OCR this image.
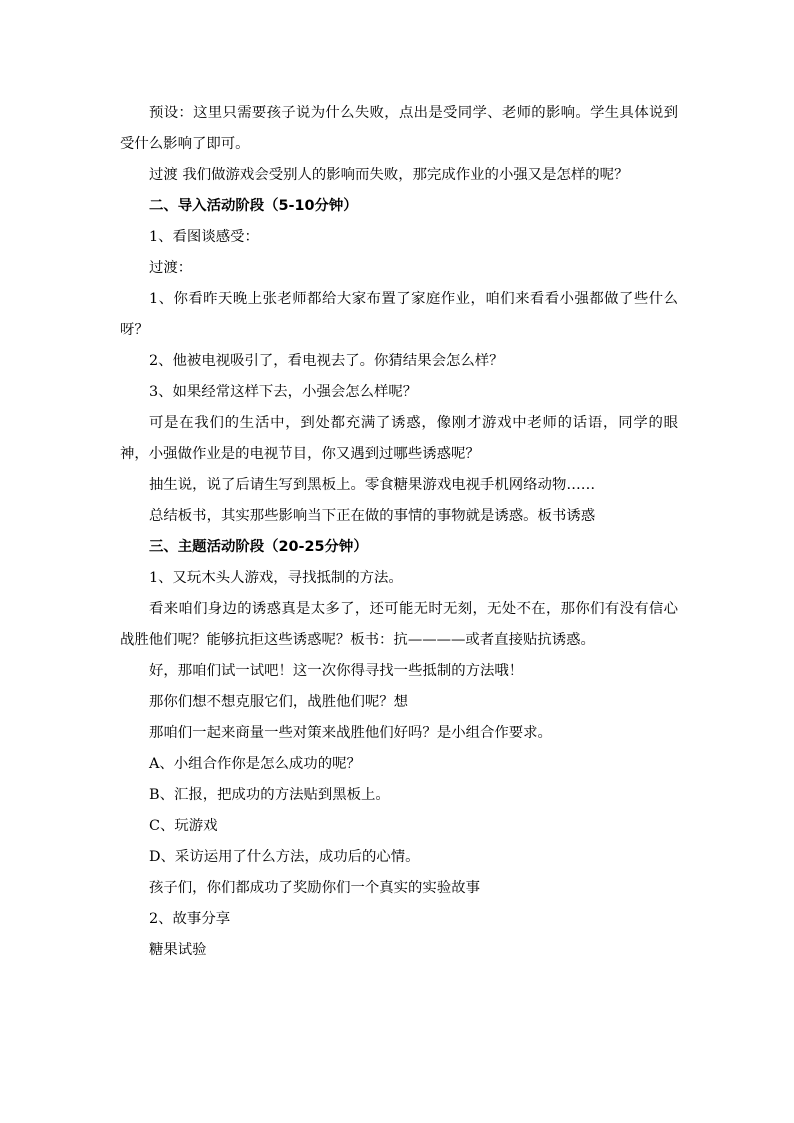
预设：这里只需要孩子说为什么失败，点出是受同学、老师的影响。学生具体说到受什么影响了即可。

过渡 我们做游戏会受别人的影响而失败，那完成作业的小强又是怎样的呢？

二、导入活动阶段（5-10分钟）

1、看图谈感受：

过渡：

1、你看昨天晚上张老师都给大家布置了家庭作业，咱们来看看小强都做了些什么呀？

2、他被电视吸引了，看电视去了。你猜结果会怎么样？

3、如果经常这样下去，小强会怎么样呢？

可是在我们的生活中，到处都充满了诱惑，像刚才游戏中老师的话语，同学的眼神，小强做作业是的电视节目，你又遇到过哪些诱惑呢？

抽生说，说了后请生写到黑板上。零食糖果游戏电视手机网络动物……

总结板书，其实那些影响当下正在做的事情的事物就是诱惑。板书诱惑

三、主题活动阶段（20-25分钟）

1、又玩木头人游戏，寻找抵制的方法。

看来咱们身边的诱惑真是太多了，还可能无时无刻，无处不在，那你们有没有信心战胜他们呢？能够抗拒这些诱惑呢？板书：抗————或者直接贴抗诱惑。

好，那咱们试一试吧！这一次你得寻找一些抵制的方法哦！

那你们想不想克服它们，战胜他们呢？想

那咱们一起来商量一些对策来战胜他们好吗？是小组合作要求。

A、小组合作你是怎么成功的呢？

B、汇报，把成功的方法贴到黑板上。

C、玩游戏

D、采访运用了什么方法，成功后的心情。

孩子们，你们都成功了奖励你们一个真实的实验故事

2、故事分享

糖果试验
